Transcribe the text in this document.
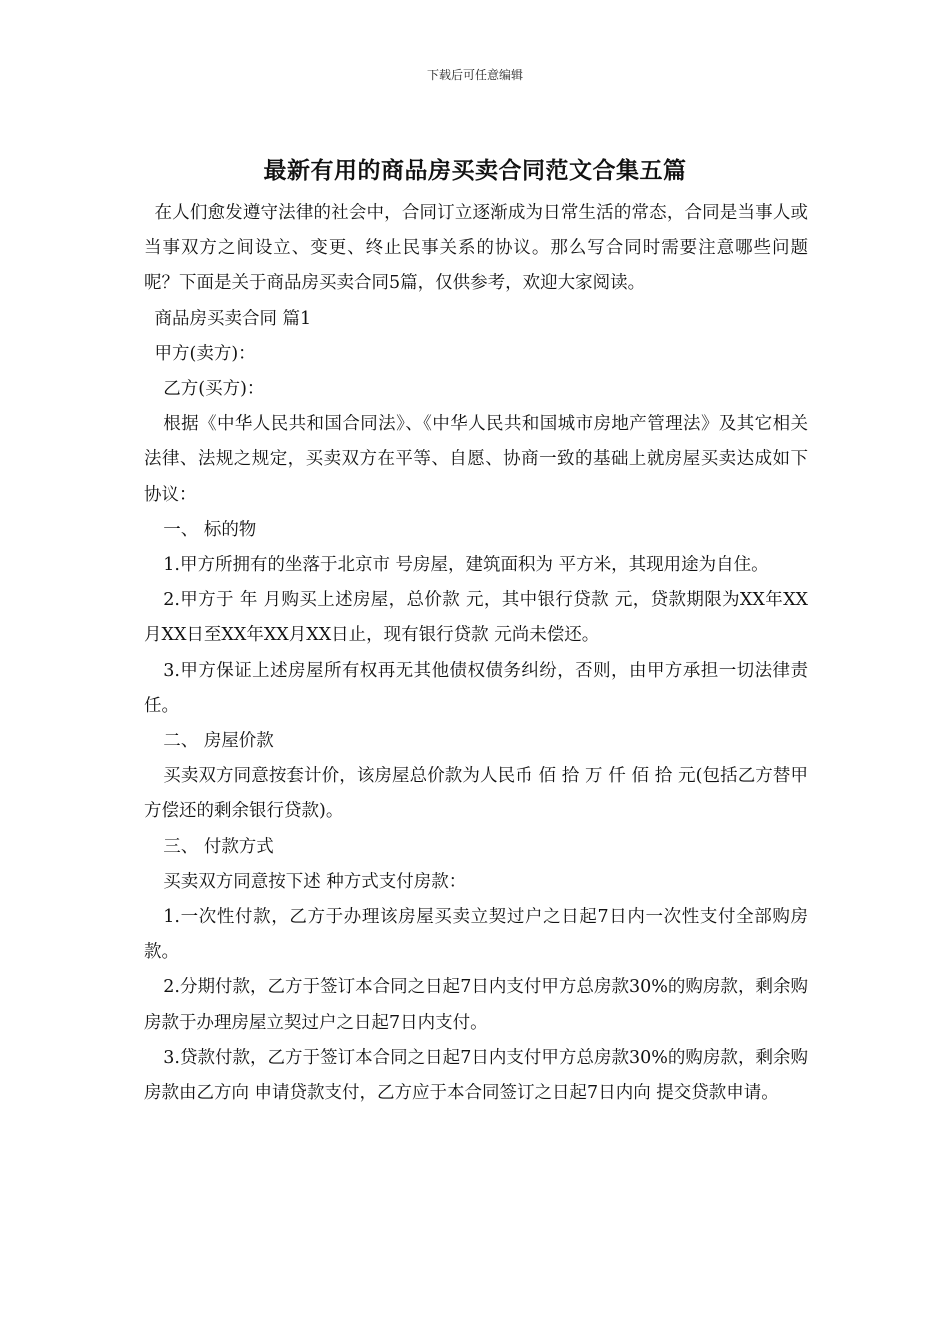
下载后可任意编辑
最新有用的商品房买卖合同范文合集五篇

在人们愈发遵守法律的社会中，合同订立逐渐成为日常生活的常态，合同是当事人或当事双方之间设立、变更、终止民事关系的协议。那么写合同时需要注意哪些问题呢？下面是关于商品房买卖合同5篇，仅供参考，欢迎大家阅读。

商品房买卖合同 篇1

甲方(卖方)：

乙方(买方)：

根据《中华人民共和国合同法》、《中华人民共和国城市房地产管理法》及其它相关法律、法规之规定，买卖双方在平等、自愿、协商一致的基础上就房屋买卖达成如下协议：

一、 标的物

1.甲方所拥有的坐落于北京市 号房屋，建筑面积为 平方米，其现用途为自住。

2.甲方于 年 月购买上述房屋，总价款 元，其中银行贷款 元，贷款期限为XX年XX月XX日至XX年XX月XX日止，现有银行贷款 元尚未偿还。

3.甲方保证上述房屋所有权再无其他债权债务纠纷，否则，由甲方承担一切法律责任。

二、 房屋价款

买卖双方同意按套计价，该房屋总价款为人民币 佰 拾 万 仟 佰 拾 元(包括乙方替甲方偿还的剩余银行贷款)。

三、 付款方式

买卖双方同意按下述 种方式支付房款：

1.一次性付款，乙方于办理该房屋买卖立契过户之日起7日内一次性支付全部购房款。

2.分期付款，乙方于签订本合同之日起7日内支付甲方总房款30%的购房款，剩余购房款于办理房屋立契过户之日起7日内支付。

3.贷款付款，乙方于签订本合同之日起7日内支付甲方总房款30%的购房款，剩余购房款由乙方向 申请贷款支付，乙方应于本合同签订之日起7日内向 提交贷款申请。
